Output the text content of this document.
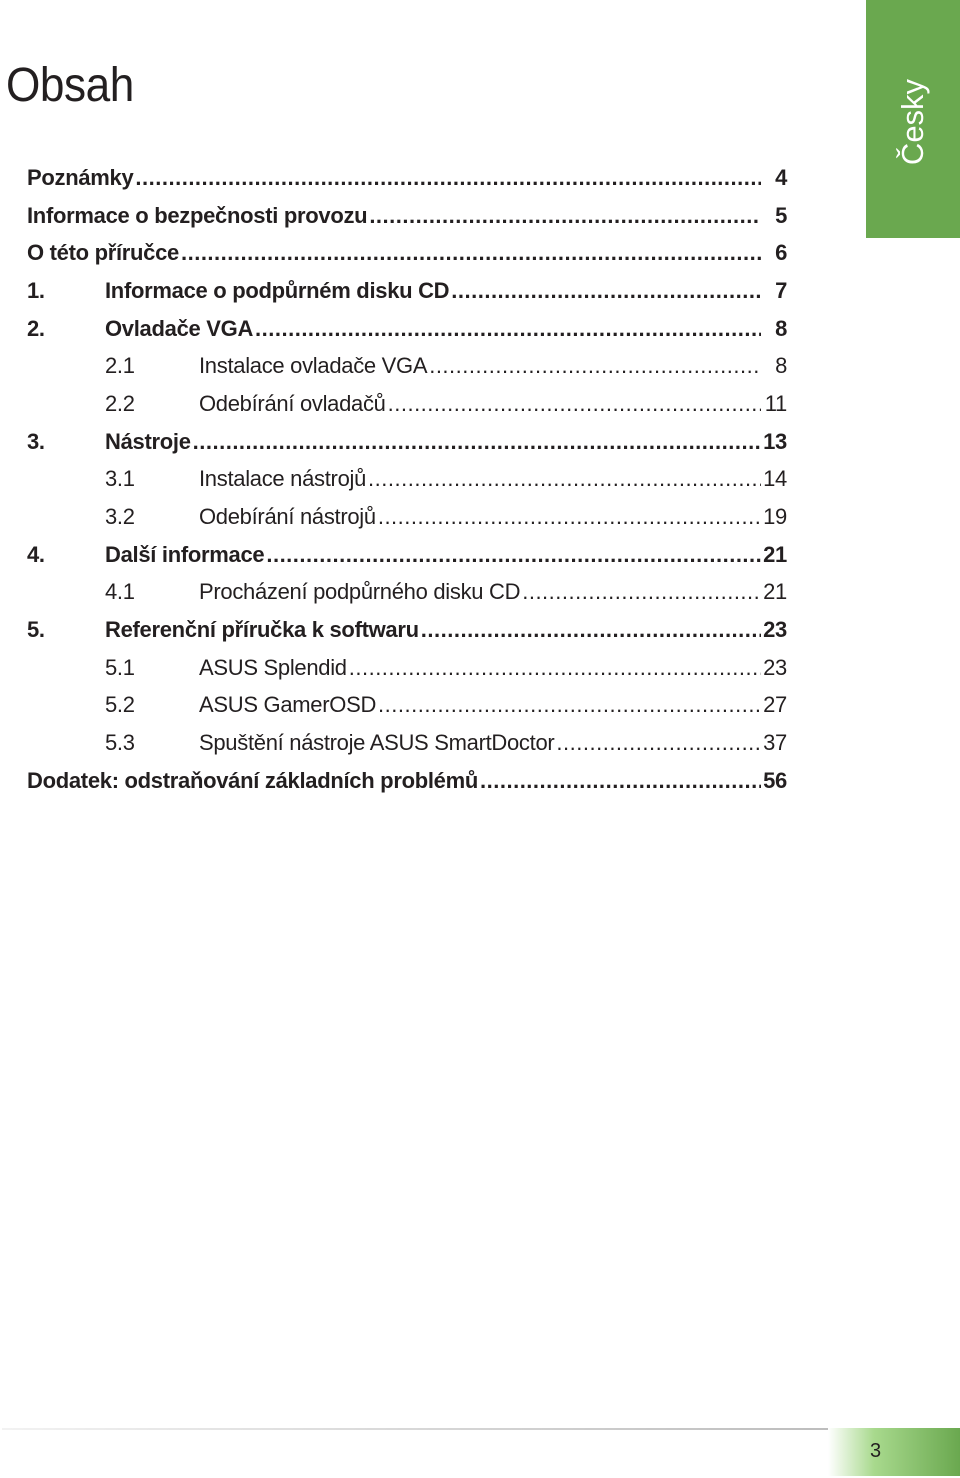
Obsah	Česky
Poznámky .....	4
Informace o bezpečnosti provozu .....	5
O této příručce .....	6
1.	Informace o podpůrném disku CD .....	7
2.	Ovladače VGA .....	8
2.1	Instalace ovladače VGA .....	8
2.2	Odebírání ovladačů .....	11
3.	Nástroje .....	13
3.1	Instalace nástrojů .....	14
3.2	Odebírání nástrojů .....	19
4.	Další informace .....	21
4.1	Procházení podpůrného disku CD .....	21
5.	Referenční příručka k softwaru .....	23
5.1	ASUS Splendid .....	23
5.2	ASUS GamerOSD .....	27
5.3	Spuštění nástroje ASUS SmartDoctor .....	37
Dodatek: odstraňování základních problémů .....	56
3
